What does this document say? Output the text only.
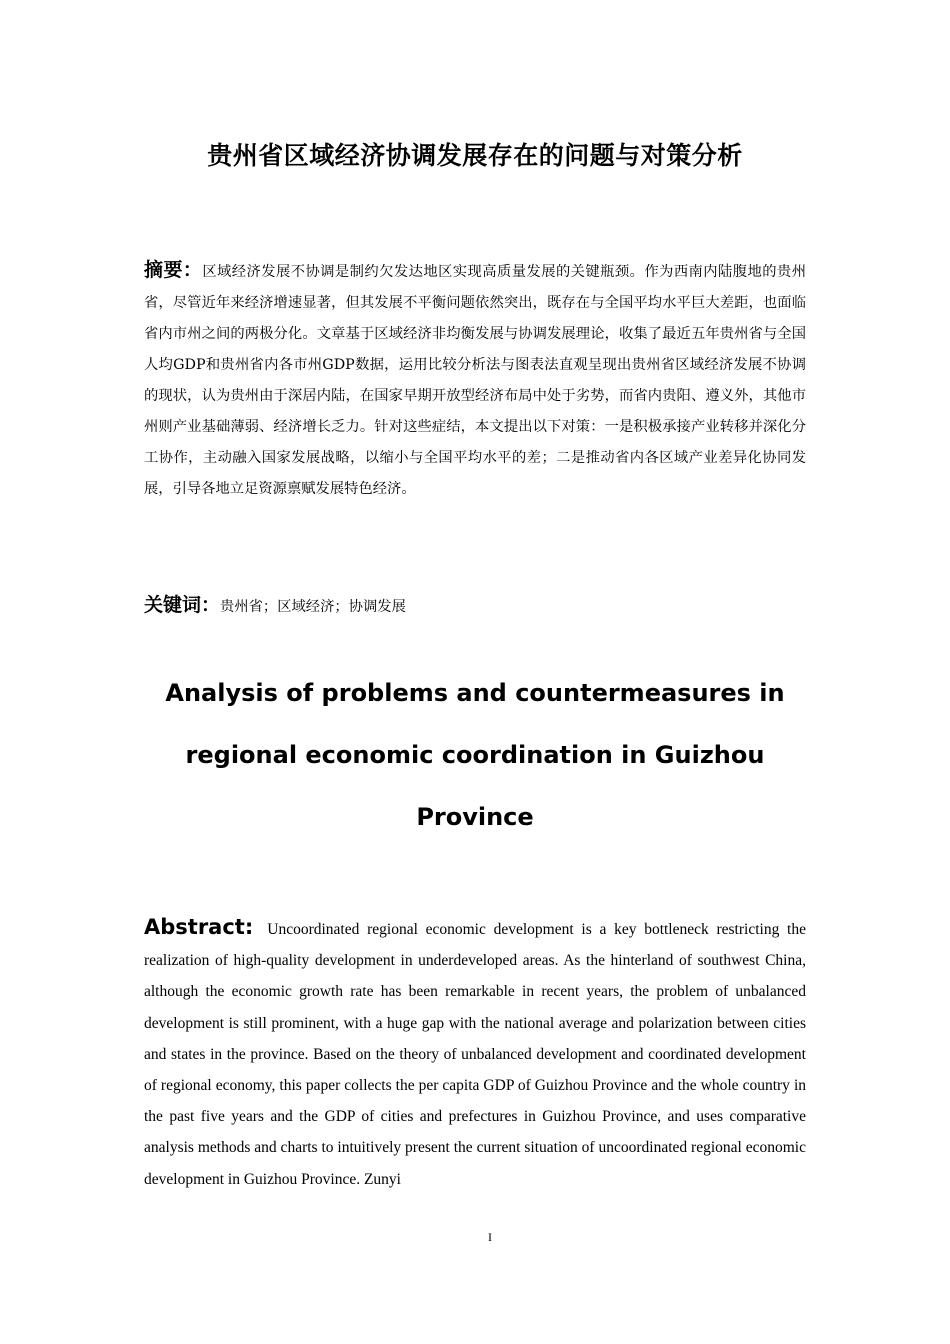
贵州省区域经济协调发展存在的问题与对策分析
摘要：区域经济发展不协调是制约欠发达地区实现高质量发展的关键瓶颈。作为西南内陆腹地的贵州省，尽管近年来经济增速显著，但其发展不平衡问题依然突出，既存在与全国平均水平巨大差距，也面临省内市州之间的两极分化。文章基于区域经济非均衡发展与协调发展理论，收集了最近五年贵州省与全国人均GDP和贵州省内各市州GDP数据，运用比较分析法与图表法直观呈现出贵州省区域经济发展不协调的现状，认为贵州由于深居内陆，在国家早期开放型经济布局中处于劣势，而省内贵阳、遵义外，其他市州则产业基础薄弱、经济增长乏力。针对这些症结，本文提出以下对策：一是积极承接产业转移并深化分工协作，主动融入国家发展战略，以缩小与全国平均水平的差；二是推动省内各区域产业差异化协同发展，引导各地立足资源禀赋发展特色经济。
关键词：贵州省；区域经济；协调发展
Analysis of problems and countermeasures in
regional economic coordination in Guizhou
Province
Abstract: Uncoordinated regional economic development is a key bottleneck restricting the realization of high-quality development in underdeveloped areas. As the hinterland of southwest China, although the economic growth rate has been remarkable in recent years, the problem of unbalanced development is still prominent, with a huge gap with the national average and polarization between cities and states in the province. Based on the theory of unbalanced development and coordinated development of regional economy, this paper collects the per capita GDP of Guizhou Province and the whole country in the past five years and the GDP of cities and prefectures in Guizhou Province, and uses comparative analysis methods and charts to intuitively present the current situation of uncoordinated regional economic development in Guizhou Province. Zunyi
I
